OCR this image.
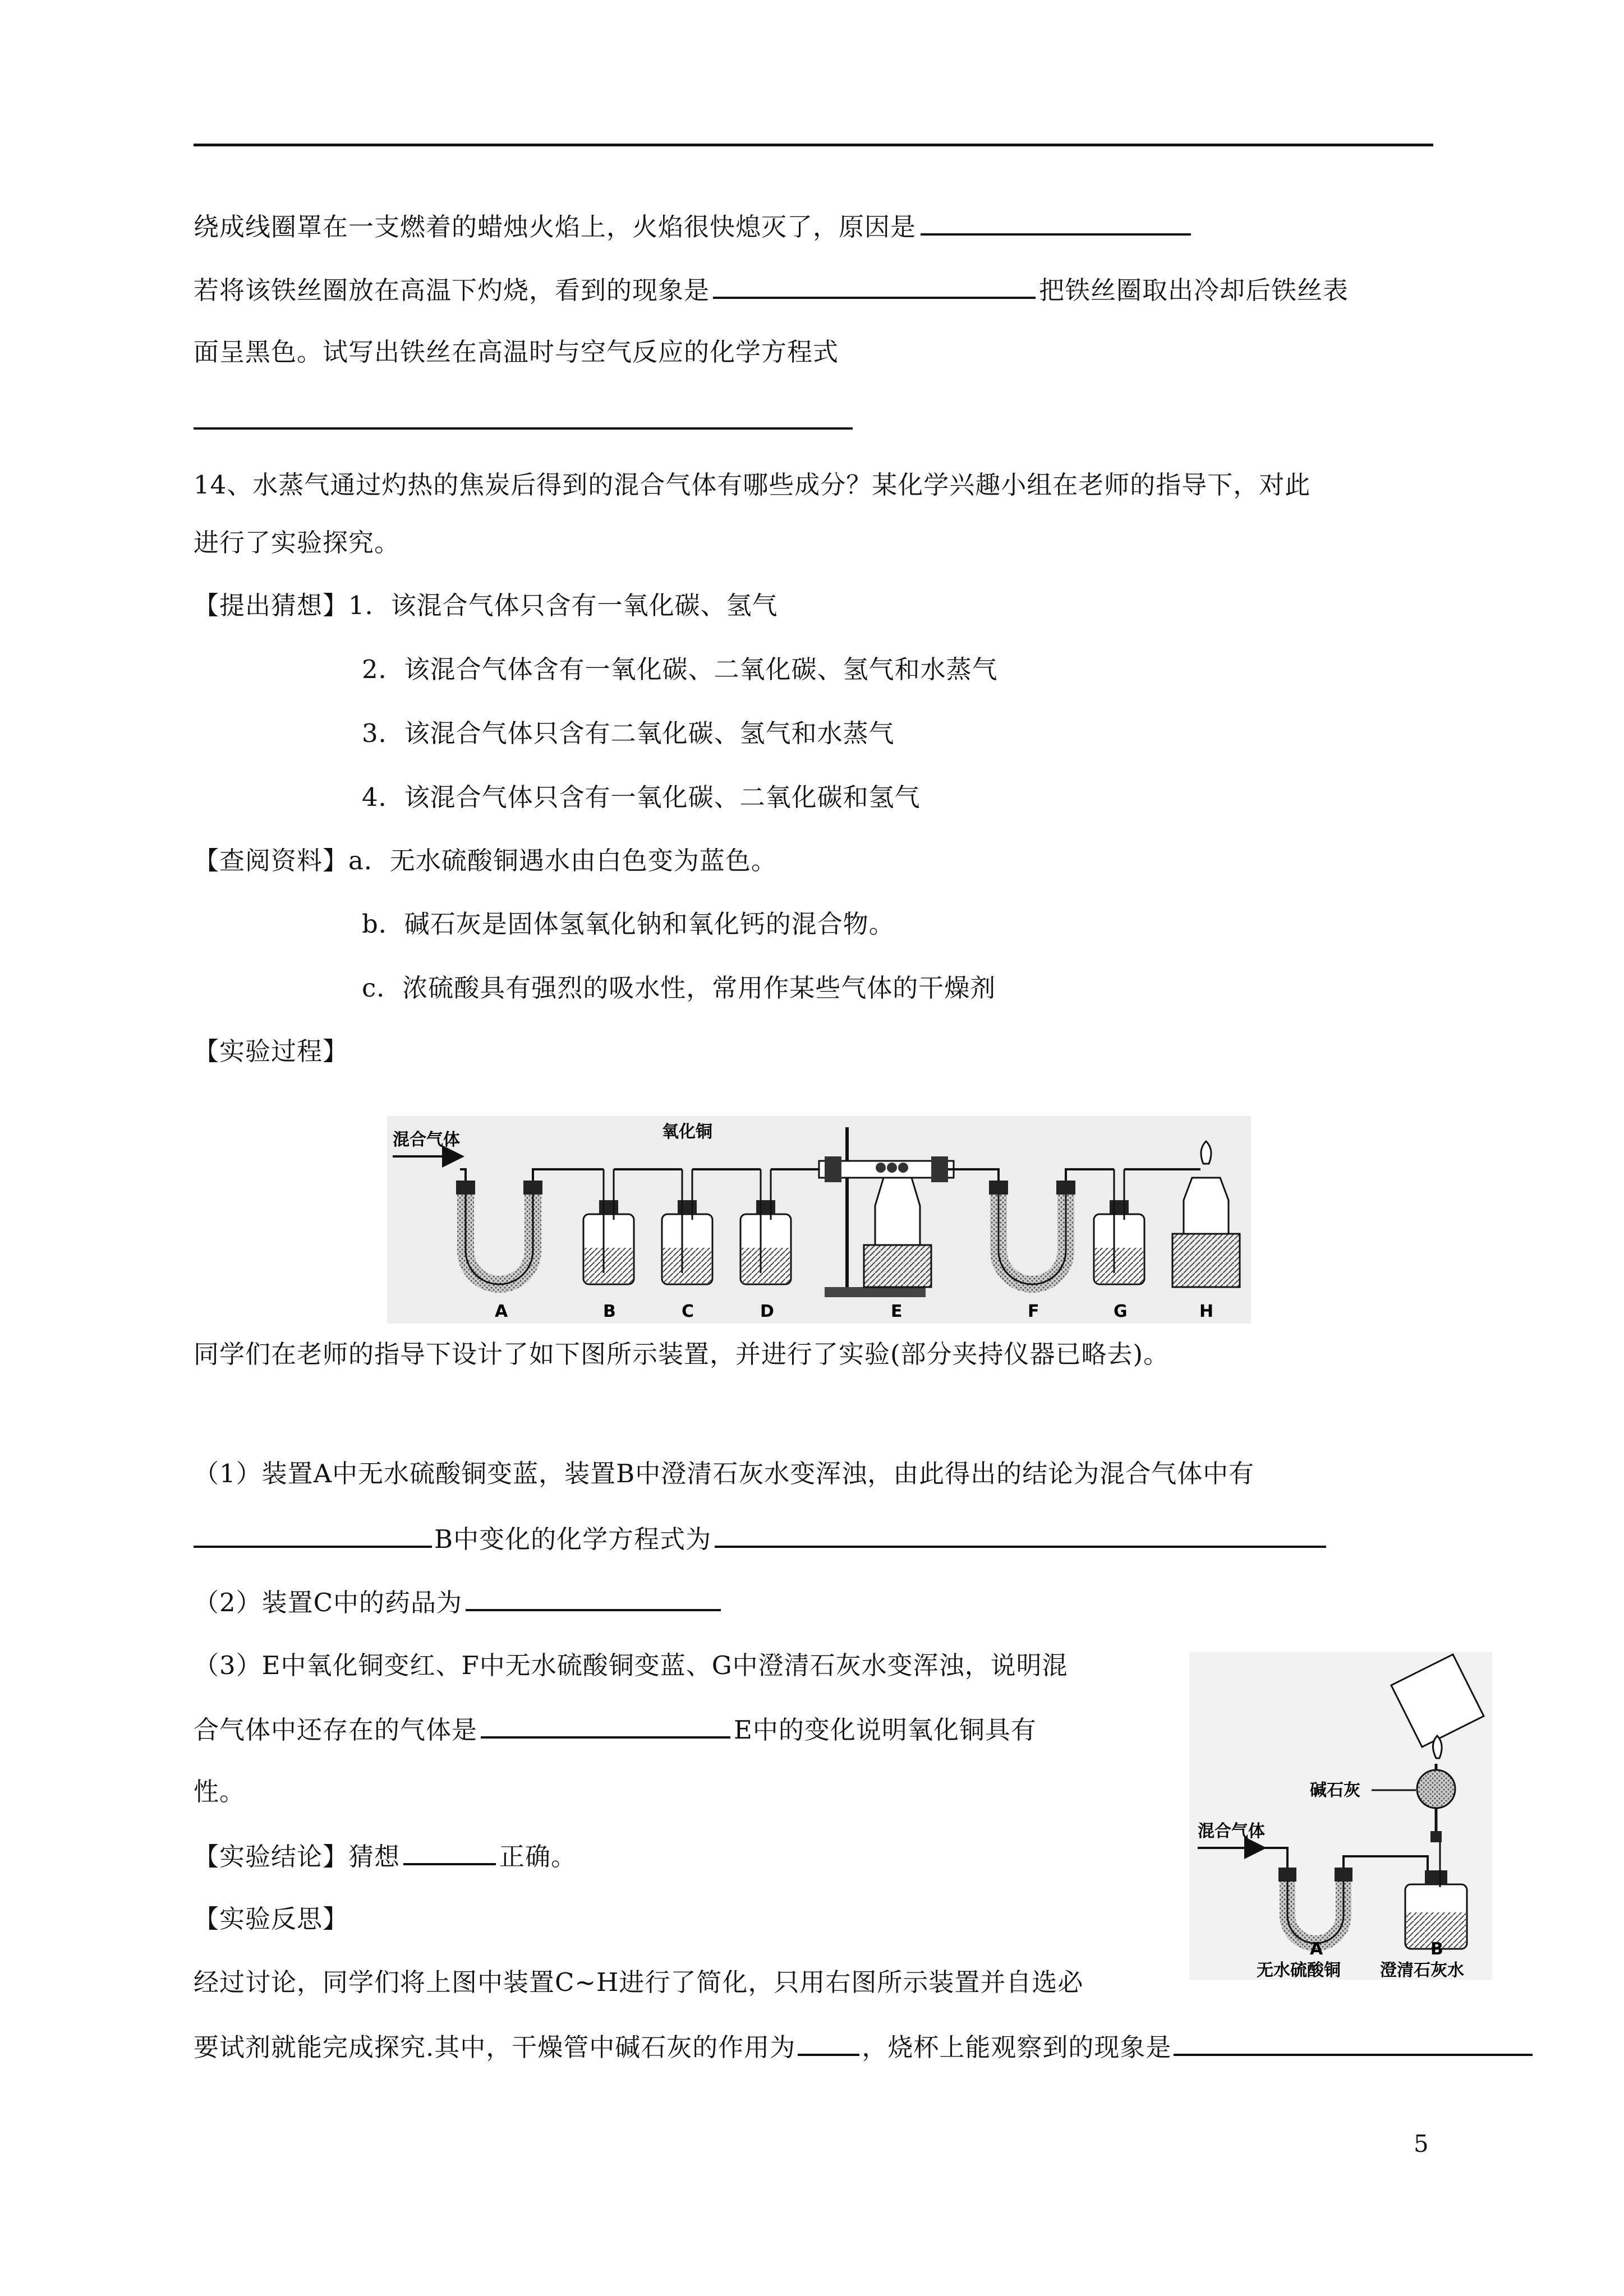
绕成线圈罩在一支燃着的蜡烛火焰上，火焰很快熄灭了，原因是
若将该铁丝圈放在高温下灼烧，看到的现象是	把铁丝圈取出冷却后铁丝表
面呈黑色。试写出铁丝在高温时与空气反应的化学方程式
14、水蒸气通过灼热的焦炭后得到的混合气体有哪些成分？某化学兴趣小组在老师的指导下，对此
进行了实验探究。
【提出猜想】1．该混合气体只含有一氧化碳、氢气
2．该混合气体含有一氧化碳、二氧化碳、氢气和水蒸气
3．该混合气体只含有二氧化碳、氢气和水蒸气
4．该混合气体只含有一氧化碳、二氧化碳和氢气
【查阅资料】a．无水硫酸铜遇水由白色变为蓝色。
b．碱石灰是固体氢氧化钠和氧化钙的混合物。
c．浓硫酸具有强烈的吸水性，常用作某些气体的干燥剂
【实验过程】
混合气体	氧化铜
A	B	C	D	E	F	G	H
同学们在老师的指导下设计了如下图所示装置，并进行了实验(部分夹持仪器已略去)。
（1）装置A中无水硫酸铜变蓝，装置B中澄清石灰水变浑浊，由此得出的结论为混合气体中有
B中变化的化学方程式为
（2）装置C中的药品为
（3）E中氧化铜变红、F中无水硫酸铜变蓝、G中澄清石灰水变浑浊，说明混
合气体中还存在的气体是	E中的变化说明氧化铜具有
性。
【实验结论】猜想	正确。
【实验反思】
经过讨论，同学们将上图中装置C~H进行了简化，只用右图所示装置并自选必
要试剂就能完成探究.其中，干燥管中碱石灰的作用为	，烧杯上能观察到的现象是
碱石灰
混合气体
A	B
无水硫酸铜 澄清石灰水
5
